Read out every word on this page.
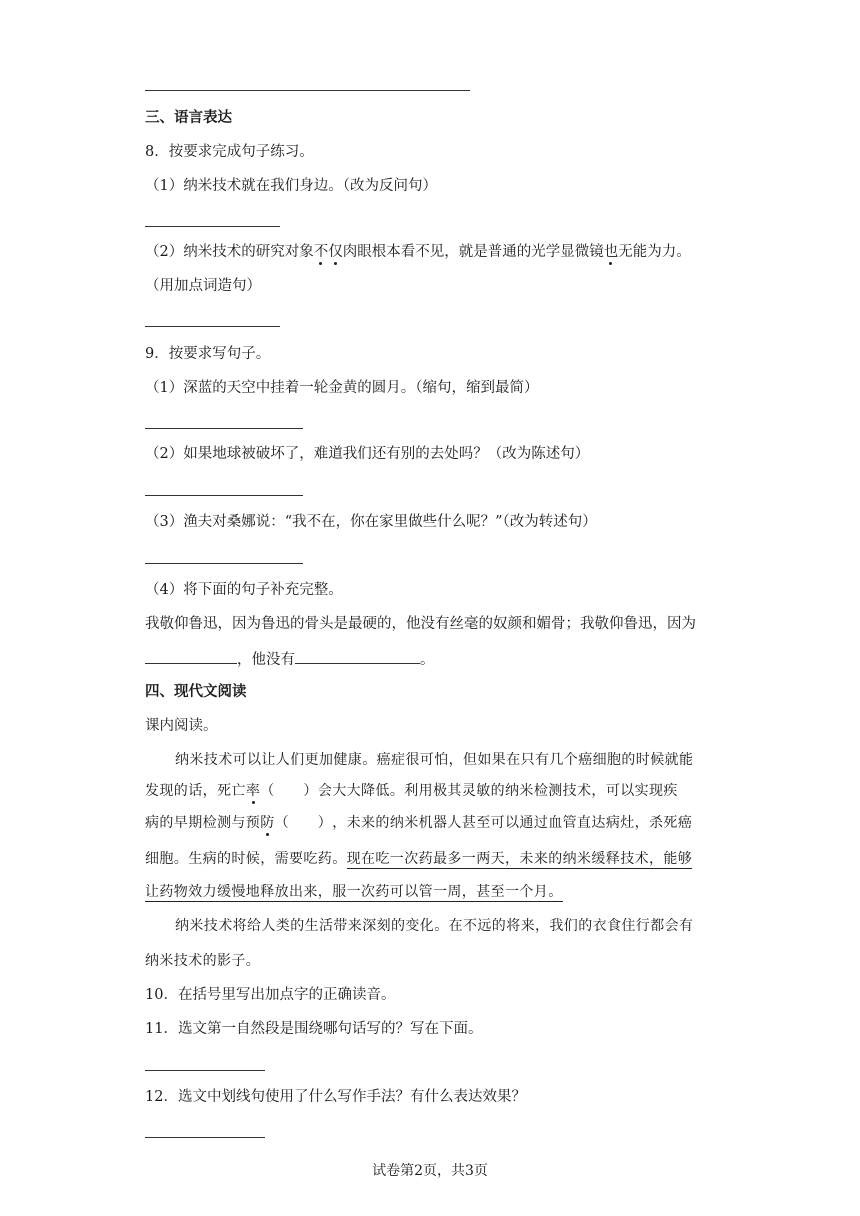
三、语言表达
8．按要求完成句子练习。
（1）纳米技术就在我们身边。（改为反问句）
（2）纳米技术的研究对象不仅肉眼根本看不见，就是普通的光学显微镜也无能为力。
（用加点词造句）
9．按要求写句子。
（1）深蓝的天空中挂着一轮金黄的圆月。（缩句，缩到最简）
（2）如果地球被破坏了，难道我们还有别的去处吗？（改为陈述句）
（3）渔夫对桑娜说：“我不在，你在家里做些什么呢？”（改为转述句）
（4）将下面的句子补充完整。
我敬仰鲁迅，因为鲁迅的骨头是最硬的，他没有丝毫的奴颜和媚骨；我敬仰鲁迅，因为
，他没有	。
四、现代文阅读
课内阅读。
纳米技术可以让人们更加健康。癌症很可怕，但如果在只有几个癌细胞的时候就能
发现的话，死亡率（　　）会大大降低。利用极其灵敏的纳米检测技术，可以实现疾
病的早期检测与预防（　　），未来的纳米机器人甚至可以通过血管直达病灶，杀死癌
细胞。生病的时候，需要吃药。现在吃一次药最多一两天，未来的纳米缓释技术，能够
让药物效力缓慢地释放出来，服一次药可以管一周，甚至一个月。
纳米技术将给人类的生活带来深刻的变化。在不远的将来，我们的衣食住行都会有
纳米技术的影子。
10．在括号里写出加点字的正确读音。
11．选文第一自然段是围绕哪句话写的？写在下面。
12．选文中划线句使用了什么写作手法？有什么表达效果？
试卷第2页，共3页
